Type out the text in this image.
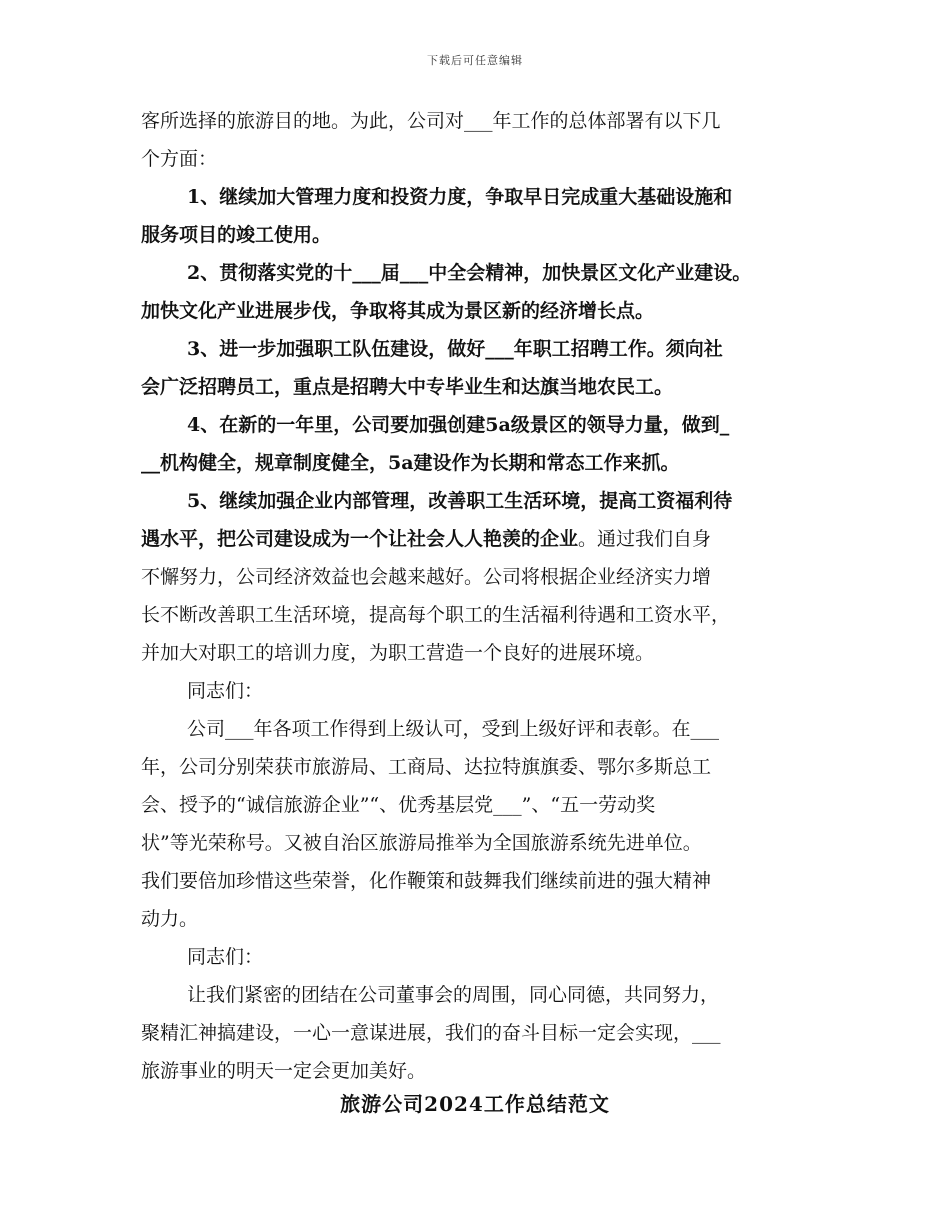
下载后可任意编辑
客所选择的旅游目的地。为此，公司对___年工作的总体部署有以下几
个方面：
1、继续加大管理力度和投资力度，争取早日完成重大基础设施和
服务项目的竣工使用。
2、贯彻落实党的十___届___中全会精神，加快景区文化产业建设。
加快文化产业进展步伐，争取将其成为景区新的经济增长点。
3、进一步加强职工队伍建设，做好___年职工招聘工作。须向社
会广泛招聘员工，重点是招聘大中专毕业生和达旗当地农民工。
4、在新的一年里，公司要加强创建5a级景区的领导力量，做到_
__机构健全，规章制度健全，5a建设作为长期和常态工作来抓。
5、继续加强企业内部管理，改善职工生活环境，提高工资福利待
遇水平，把公司建设成为一个让社会人人艳羡的企业。通过我们自身
不懈努力，公司经济效益也会越来越好。公司将根据企业经济实力增
长不断改善职工生活环境，提高每个职工的生活福利待遇和工资水平，
并加大对职工的培训力度，为职工营造一个良好的进展环境。
同志们：
公司___年各项工作得到上级认可，受到上级好评和表彰。在___
年，公司分别荣获市旅游局、工商局、达拉特旗旗委、鄂尔多斯总工
会、授予的“诚信旅游企业”“、优秀基层党___”、“五一劳动奖
状”等光荣称号。又被自治区旅游局推举为全国旅游系统先进单位。
我们要倍加珍惜这些荣誉，化作鞭策和鼓舞我们继续前进的强大精神
动力。
同志们：
让我们紧密的团结在公司董事会的周围，同心同德，共同努力，
聚精汇神搞建设，一心一意谋进展，我们的奋斗目标一定会实现，___
旅游事业的明天一定会更加美好。
旅游公司2024工作总结范文
